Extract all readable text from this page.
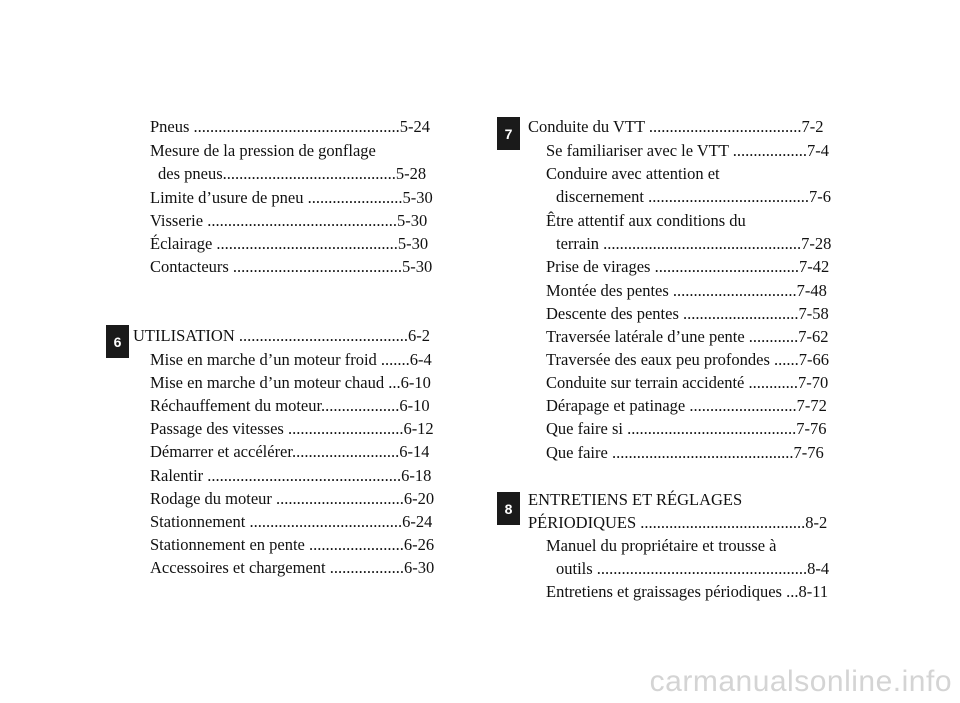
6
7
8
Pneus ..................................................5-24
Mesure de la pression de gonflage
des pneus..........................................5-28
Limite d’usure de pneu .......................5-30
Visserie ..............................................5-30
Éclairage ............................................5-30
Contacteurs .........................................5-30
UTILISATION .........................................6-2
Mise en marche d’un moteur froid .......6-4
Mise en marche d’un moteur chaud ...6-10
Réchauffement du moteur...................6-10
Passage des vitesses ............................6-12
Démarrer et accélérer..........................6-14
Ralentir ...............................................6-18
Rodage du moteur ...............................6-20
Stationnement .....................................6-24
Stationnement en pente .......................6-26
Accessoires et chargement ..................6-30
Conduite du VTT .....................................7-2
Se familiariser avec le VTT ..................7-4
Conduire avec attention et
discernement .......................................7-6
Être attentif aux conditions du
terrain ................................................7-28
Prise de virages ...................................7-42
Montée des pentes ..............................7-48
Descente des pentes ............................7-58
Traversée latérale d’une pente ............7-62
Traversée des eaux peu profondes ......7-66
Conduite sur terrain accidenté ............7-70
Dérapage et patinage ..........................7-72
Que faire si .........................................7-76
Que faire ............................................7-76
ENTRETIENS ET RÉGLAGES
PÉRIODIQUES ........................................8-2
Manuel du propriétaire et trousse à
outils ...................................................8-4
Entretiens et graissages périodiques ...8-11
carmanualsonline.info
